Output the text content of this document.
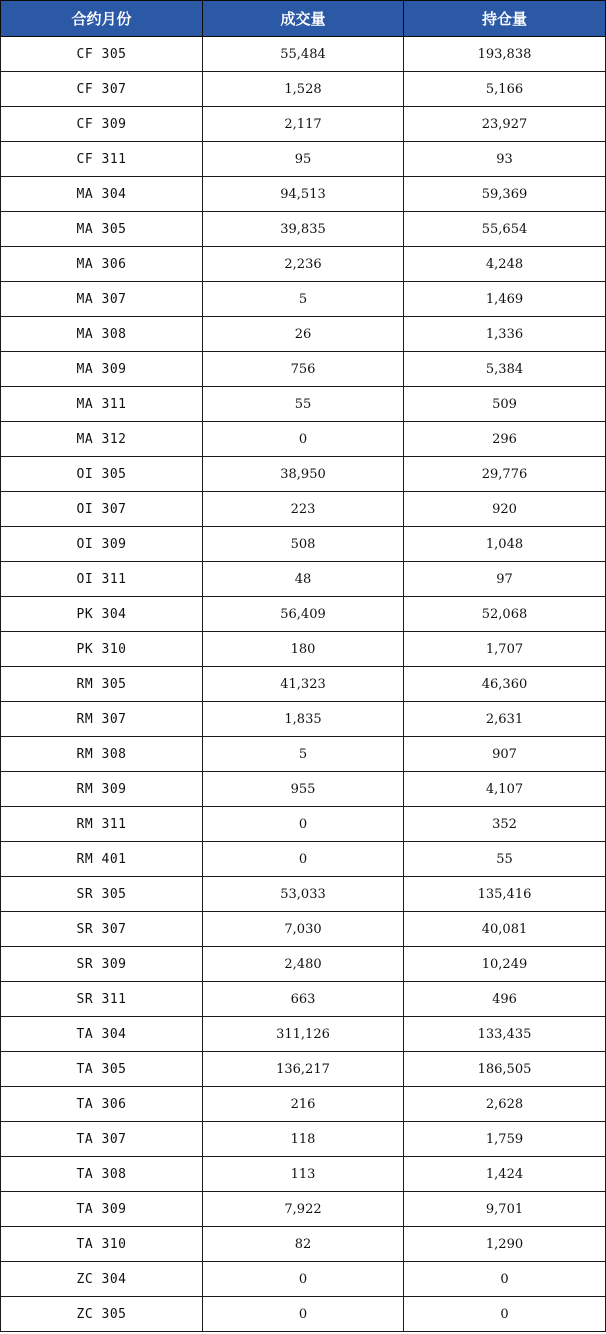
合约月份	成交量	持仓量
CF 305	55,484	193,838
CF 307	1,528	5,166
CF 309	2,117	23,927
CF 311	95	93
MA 304	94,513	59,369
MA 305	39,835	55,654
MA 306	2,236	4,248
MA 307	5	1,469
MA 308	26	1,336
MA 309	756	5,384
MA 311	55	509
MA 312	0	296
OI 305	38,950	29,776
OI 307	223	920
OI 309	508	1,048
OI 311	48	97
PK 304	56,409	52,068
PK 310	180	1,707
RM 305	41,323	46,360
RM 307	1,835	2,631
RM 308	5	907
RM 309	955	4,107
RM 311	0	352
RM 401	0	55
SR 305	53,033	135,416
SR 307	7,030	40,081
SR 309	2,480	10,249
SR 311	663	496
TA 304	311,126	133,435
TA 305	136,217	186,505
TA 306	216	2,628
TA 307	118	1,759
TA 308	113	1,424
TA 309	7,922	9,701
TA 310	82	1,290
ZC 304	0	0
ZC 305	0	0
